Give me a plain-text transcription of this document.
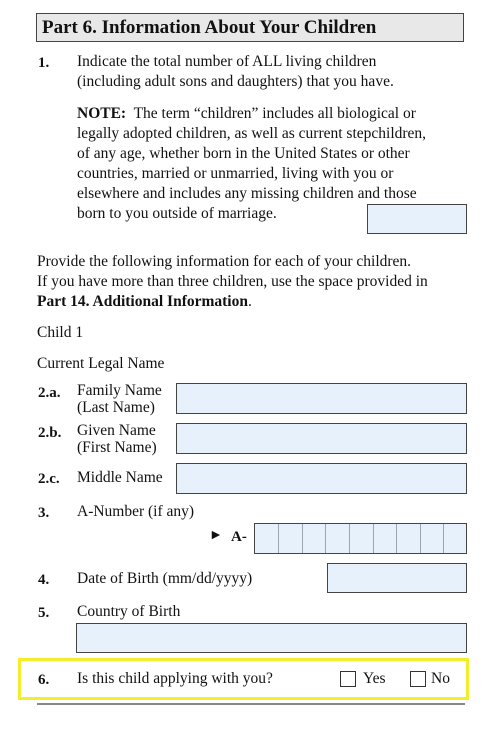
Part 6. Information About Your Children
1. Indicate the total number of ALL living children
(including adult sons and daughters) that you have.
NOTE:  The term “children” includes all biological or
legally adopted children, as well as current stepchildren,
of any age, whether born in the United States or other
countries, married or unmarried, living with you or
elsewhere and includes any missing children and those
born to you outside of marriage.
Provide the following information for each of your children.
If you have more than three children, use the space provided in
Part 14. Additional Information.
Child 1
Current Legal Name
2.a. Family Name
(Last Name)
2.b. Given Name
(First Name)
2.c. Middle Name
3. A-Number (if any)
► A-
4. Date of Birth (mm/dd/yyyy)
5. Country of Birth
6. Is this child applying with you?	Yes	No
